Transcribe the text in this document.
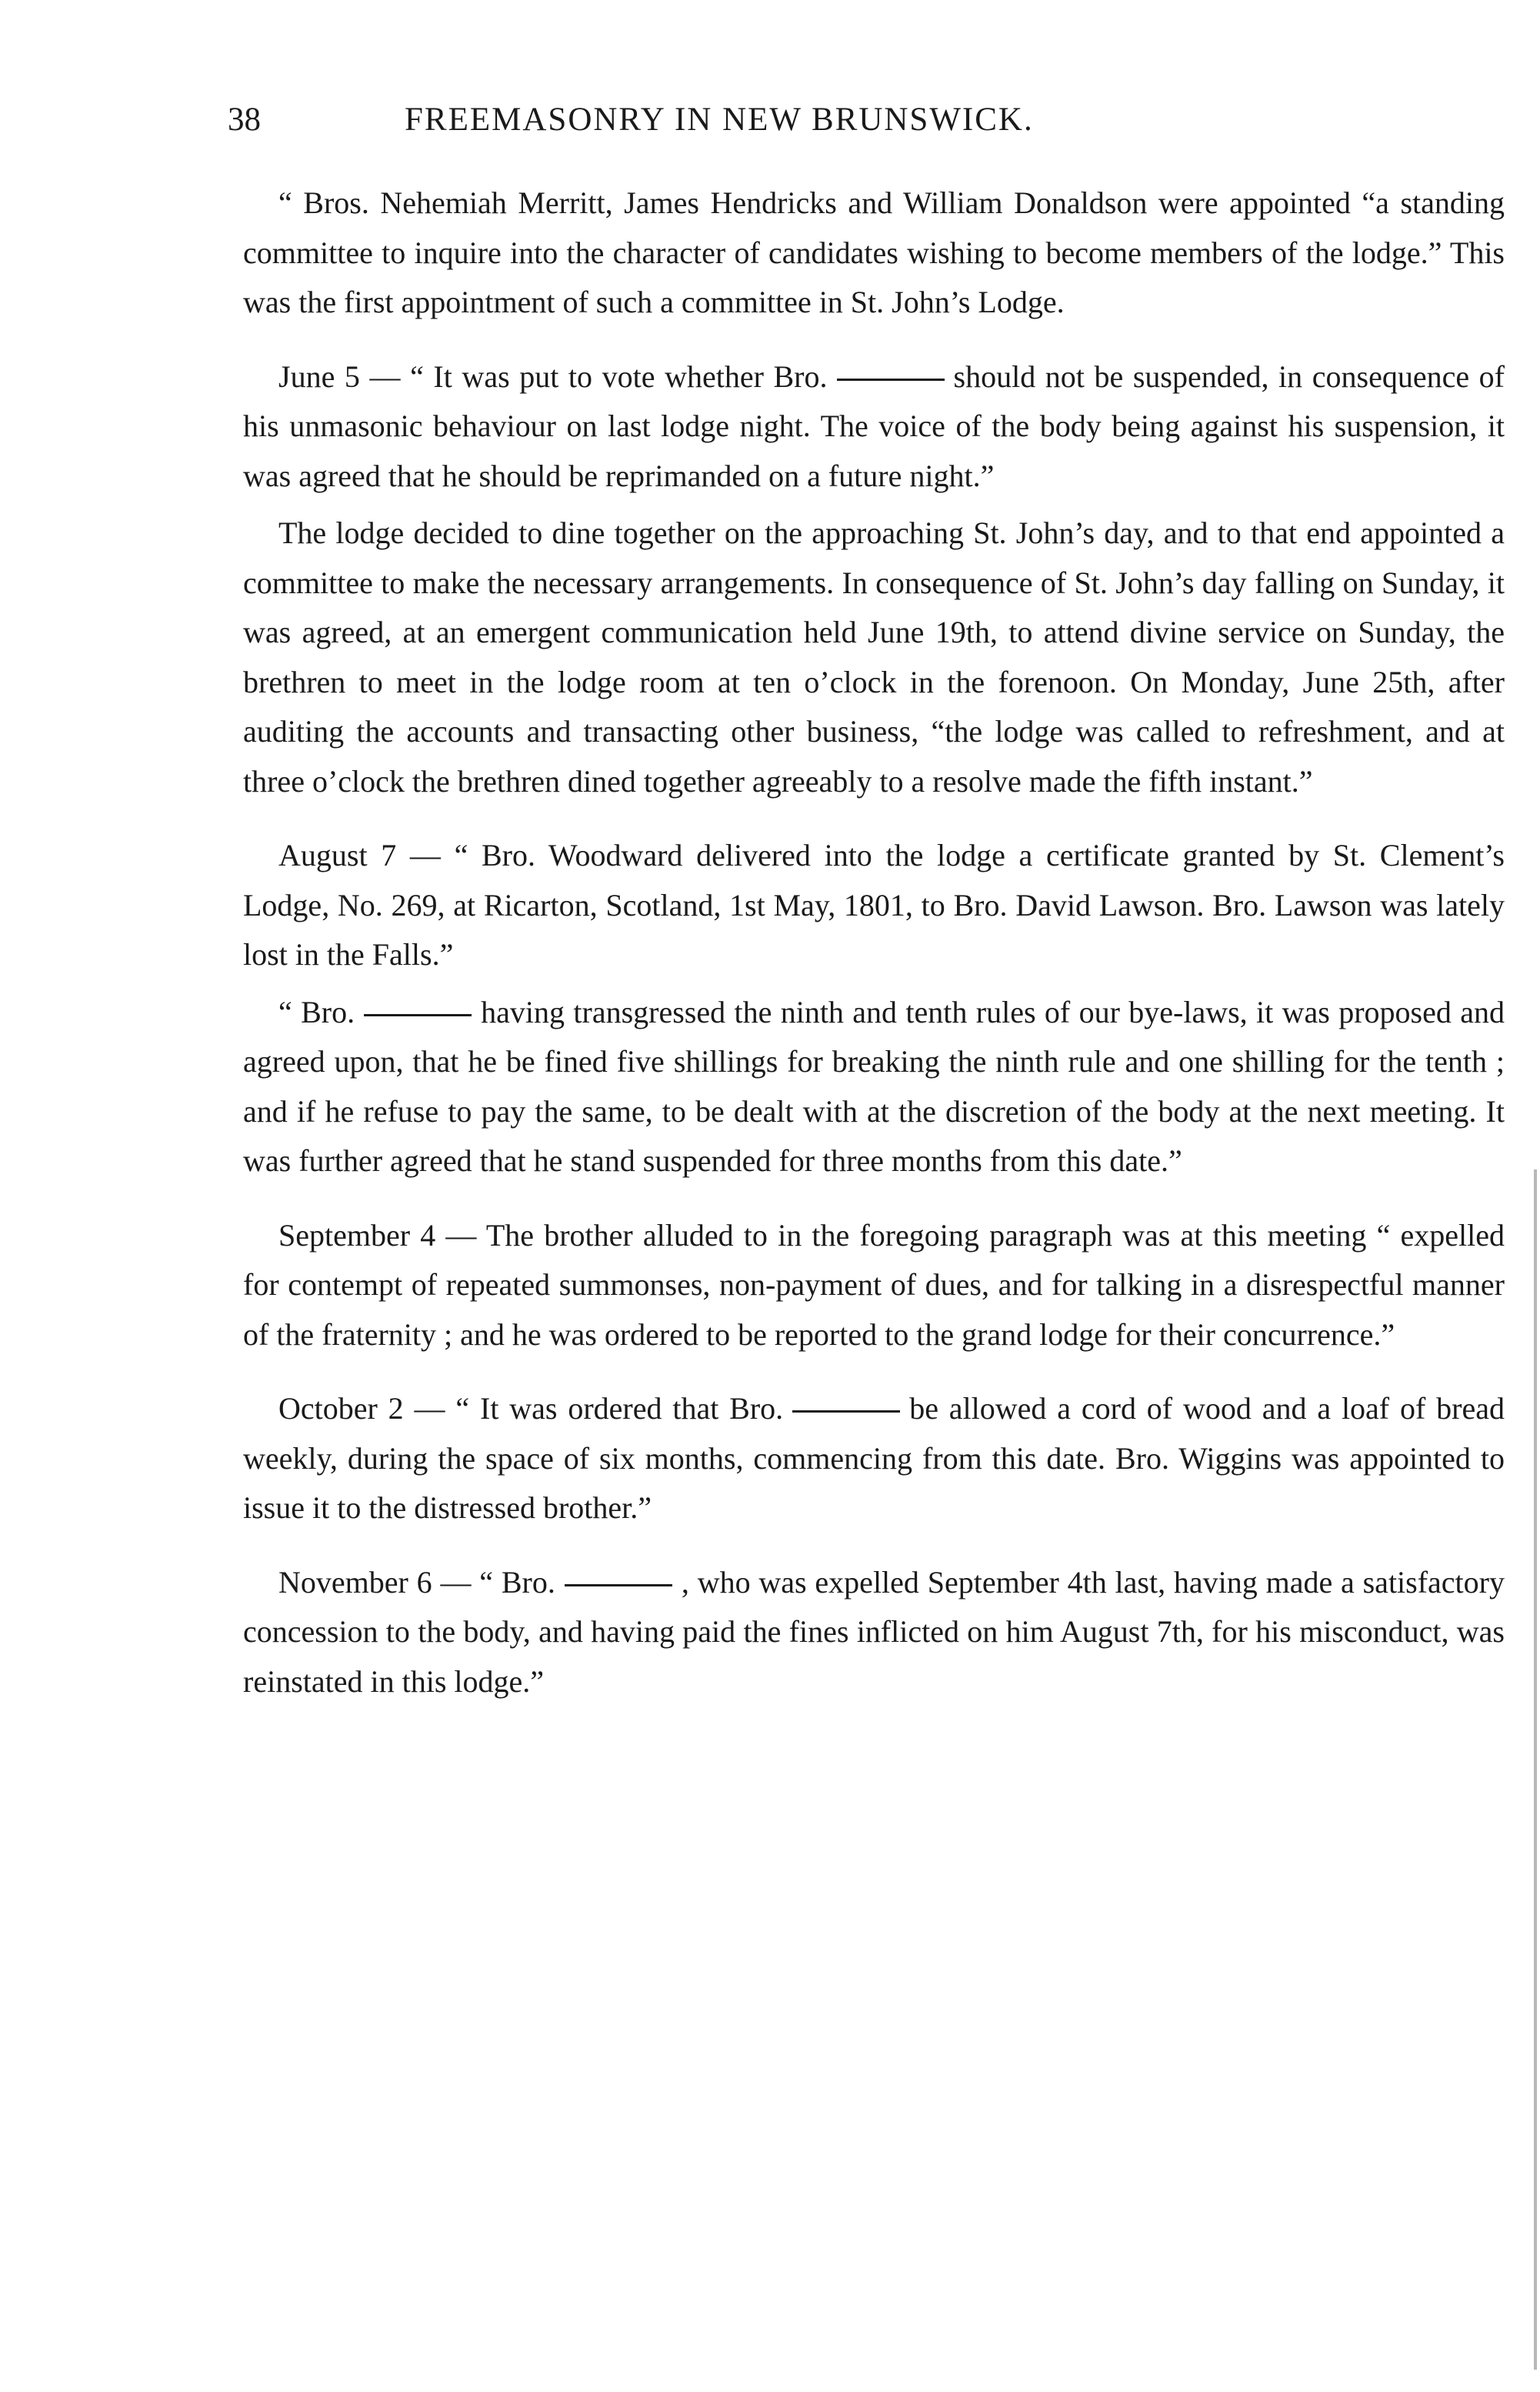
38	FREEMASONRY IN NEW BRUNSWICK.

“ Bros. Nehemiah Merritt, James Hendricks and William Donaldson were appointed “a standing committee to inquire into the character of candidates wishing to become members of the lodge.” This was the first appointment of such a committee in St. John’s Lodge.

June 5 — “ It was put to vote whether Bro.	should not be suspended, in consequence of his unmasonic behaviour on last lodge night. The voice of the body being against his suspension, it was agreed that he should be reprimanded on a future night.”

The lodge decided to dine together on the approaching St. John’s day, and to that end appointed a committee to make the necessary arrangements. In consequence of St. John’s day falling on Sunday, it was agreed, at an emergent communication held June 19th, to attend divine service on Sunday, the brethren to meet in the lodge room at ten o’clock in the forenoon. On Monday, June 25th, after auditing the accounts and transacting other business, “the lodge was called to refreshment, and at three o’clock the brethren dined together agreeably to a resolve made the fifth instant.”

August 7 — “ Bro. Woodward delivered into the lodge a certificate granted by St. Clement’s Lodge, No. 269, at Ricarton, Scotland, 1st May, 1801, to Bro. David Lawson. Bro. Lawson was lately lost in the Falls.”

“ Bro.	having transgressed the ninth and tenth rules of our bye-laws, it was proposed and agreed upon, that he be fined five shillings for breaking the ninth rule and one shilling for the tenth ; and if he refuse to pay the same, to be dealt with at the discretion of the body at the next meeting. It was further agreed that he stand suspended for three months from this date.”

September 4 — The brother alluded to in the foregoing paragraph was at this meeting “ expelled for contempt of repeated summonses, non-payment of dues, and for talking in a disrespectful manner of the fraternity ; and he was ordered to be reported to the grand lodge for their concurrence.”

October 2 — “ It was ordered that Bro.	be allowed a cord of wood and a loaf of bread weekly, during the space of six months, commencing from this date. Bro. Wiggins was appointed to issue it to the distressed brother.”

November 6 — “ Bro.	, who was expelled September 4th last, having made a satisfactory concession to the body, and having paid the fines inflicted on him August 7th, for his misconduct, was reinstated in this lodge.”
